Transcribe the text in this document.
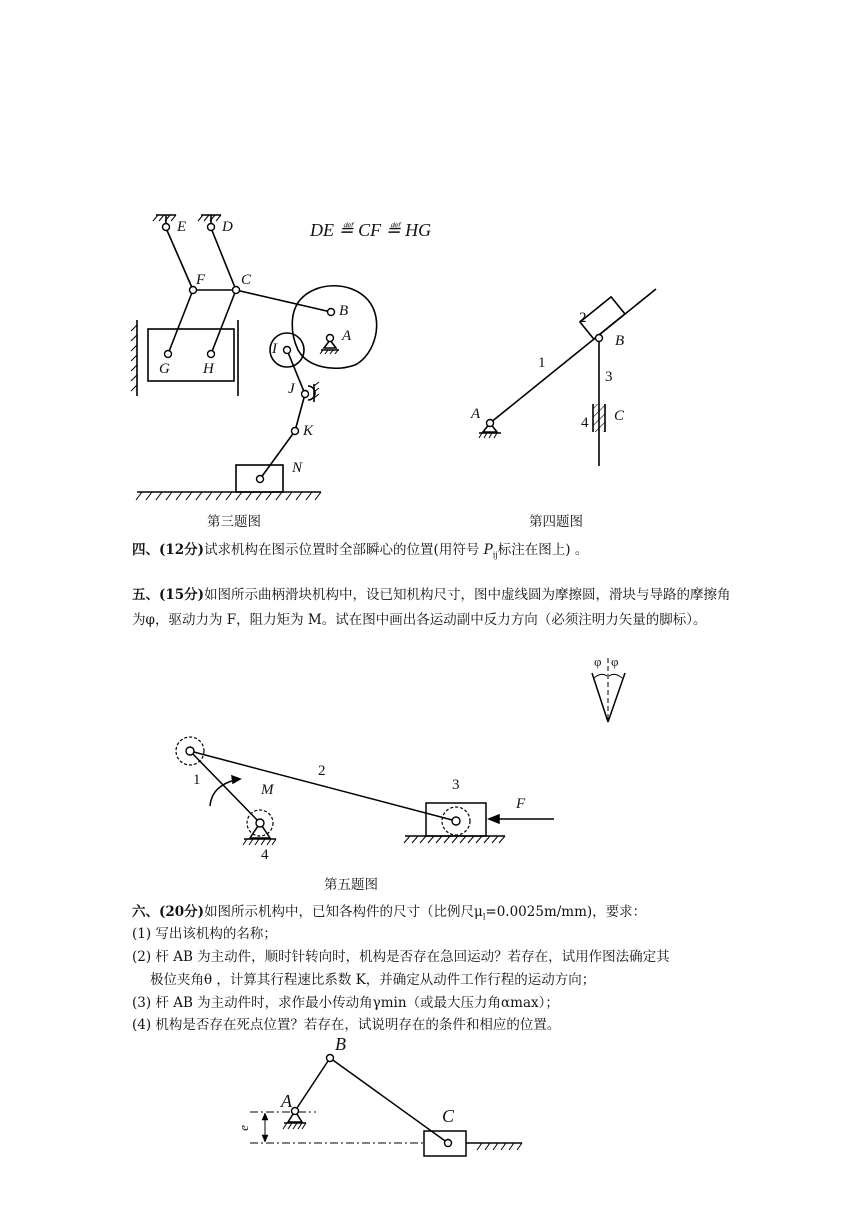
E D
F C
B
A
I
J
K
N
G H
DE ≝ CF ≝ HG
第三题图
2
B
1
3
C
4
A
第四题图
四、(12分)试求机构在图示位置时全部瞬心的位置(用符号 $P_{ij}$标注在图上) 。
五、(15分)如图所示曲柄滑块机构中，设已知机构尺寸，图中虚线圆为摩擦圆，滑块与导路的摩擦角为φ，驱动力为 F，阻力矩为 M。试在图中画出各运动副中反力方向（必须注明力矢量的脚标）。
φ φ
1
2
3
4
M
F
第五题图
六、(20分)如图所示机构中，已知各构件的尺寸（比例尺$\mu_l=0.0025m/mm$)，要求：
(1) 写出该机构的名称；
(2) 杆 AB 为主动件，顺时针转向时，机构是否存在急回运动？若存在，试用作图法确定其
极位夹角θ ，计算其行程速比系数 K，并确定从动件工作行程的运动方向；
(3) 杆 AB 为主动件时，求作最小传动角γmin（或最大压力角αmax）；
(4) 机构是否存在死点位置？若存在，试说明存在的条件和相应的位置。
B
A
C
e
